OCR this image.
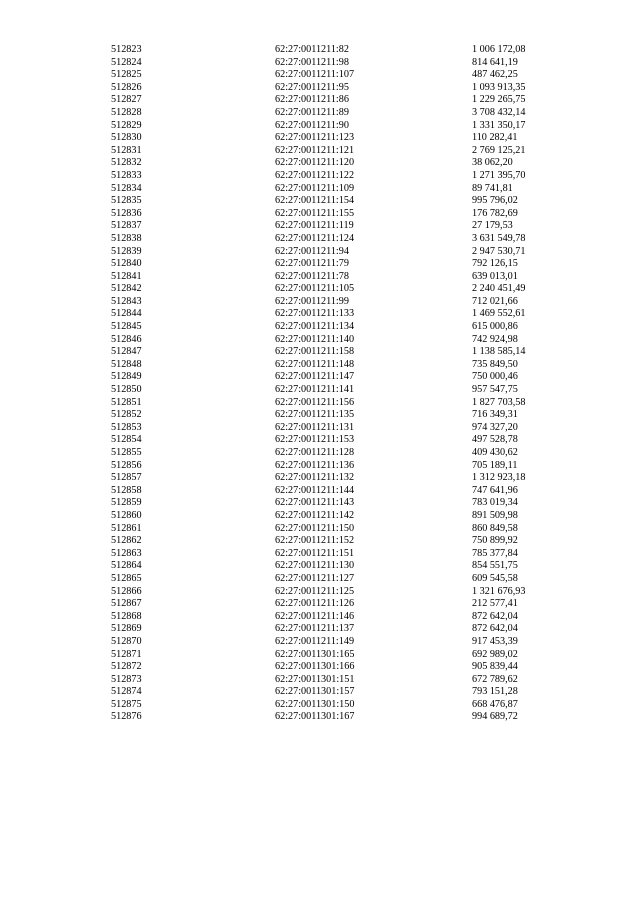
512823	62:27:0011211:82	1 006 172,08
512824	62:27:0011211:98	814 641,19
512825	62:27:0011211:107	487 462,25
512826	62:27:0011211:95	1 093 913,35
512827	62:27:0011211:86	1 229 265,75
512828	62:27:0011211:89	3 708 432,14
512829	62:27:0011211:90	1 331 350,17
512830	62:27:0011211:123	110 282,41
512831	62:27:0011211:121	2 769 125,21
512832	62:27:0011211:120	38 062,20
512833	62:27:0011211:122	1 271 395,70
512834	62:27:0011211:109	89 741,81
512835	62:27:0011211:154	995 796,02
512836	62:27:0011211:155	176 782,69
512837	62:27:0011211:119	27 179,53
512838	62:27:0011211:124	3 631 549,78
512839	62:27:0011211:94	2 947 530,71
512840	62:27:0011211:79	792 126,15
512841	62:27:0011211:78	639 013,01
512842	62:27:0011211:105	2 240 451,49
512843	62:27:0011211:99	712 021,66
512844	62:27:0011211:133	1 469 552,61
512845	62:27:0011211:134	615 000,86
512846	62:27:0011211:140	742 924,98
512847	62:27:0011211:158	1 138 585,14
512848	62:27:0011211:148	735 849,50
512849	62:27:0011211:147	750 000,46
512850	62:27:0011211:141	957 547,75
512851	62:27:0011211:156	1 827 703,58
512852	62:27:0011211:135	716 349,31
512853	62:27:0011211:131	974 327,20
512854	62:27:0011211:153	497 528,78
512855	62:27:0011211:128	409 430,62
512856	62:27:0011211:136	705 189,11
512857	62:27:0011211:132	1 312 923,18
512858	62:27:0011211:144	747 641,96
512859	62:27:0011211:143	783 019,34
512860	62:27:0011211:142	891 509,98
512861	62:27:0011211:150	860 849,58
512862	62:27:0011211:152	750 899,92
512863	62:27:0011211:151	785 377,84
512864	62:27:0011211:130	854 551,75
512865	62:27:0011211:127	609 545,58
512866	62:27:0011211:125	1 321 676,93
512867	62:27:0011211:126	212 577,41
512868	62:27:0011211:146	872 642,04
512869	62:27:0011211:137	872 642,04
512870	62:27:0011211:149	917 453,39
512871	62:27:0011301:165	692 989,02
512872	62:27:0011301:166	905 839,44
512873	62:27:0011301:151	672 789,62
512874	62:27:0011301:157	793 151,28
512875	62:27:0011301:150	668 476,87
512876	62:27:0011301:167	994 689,72
